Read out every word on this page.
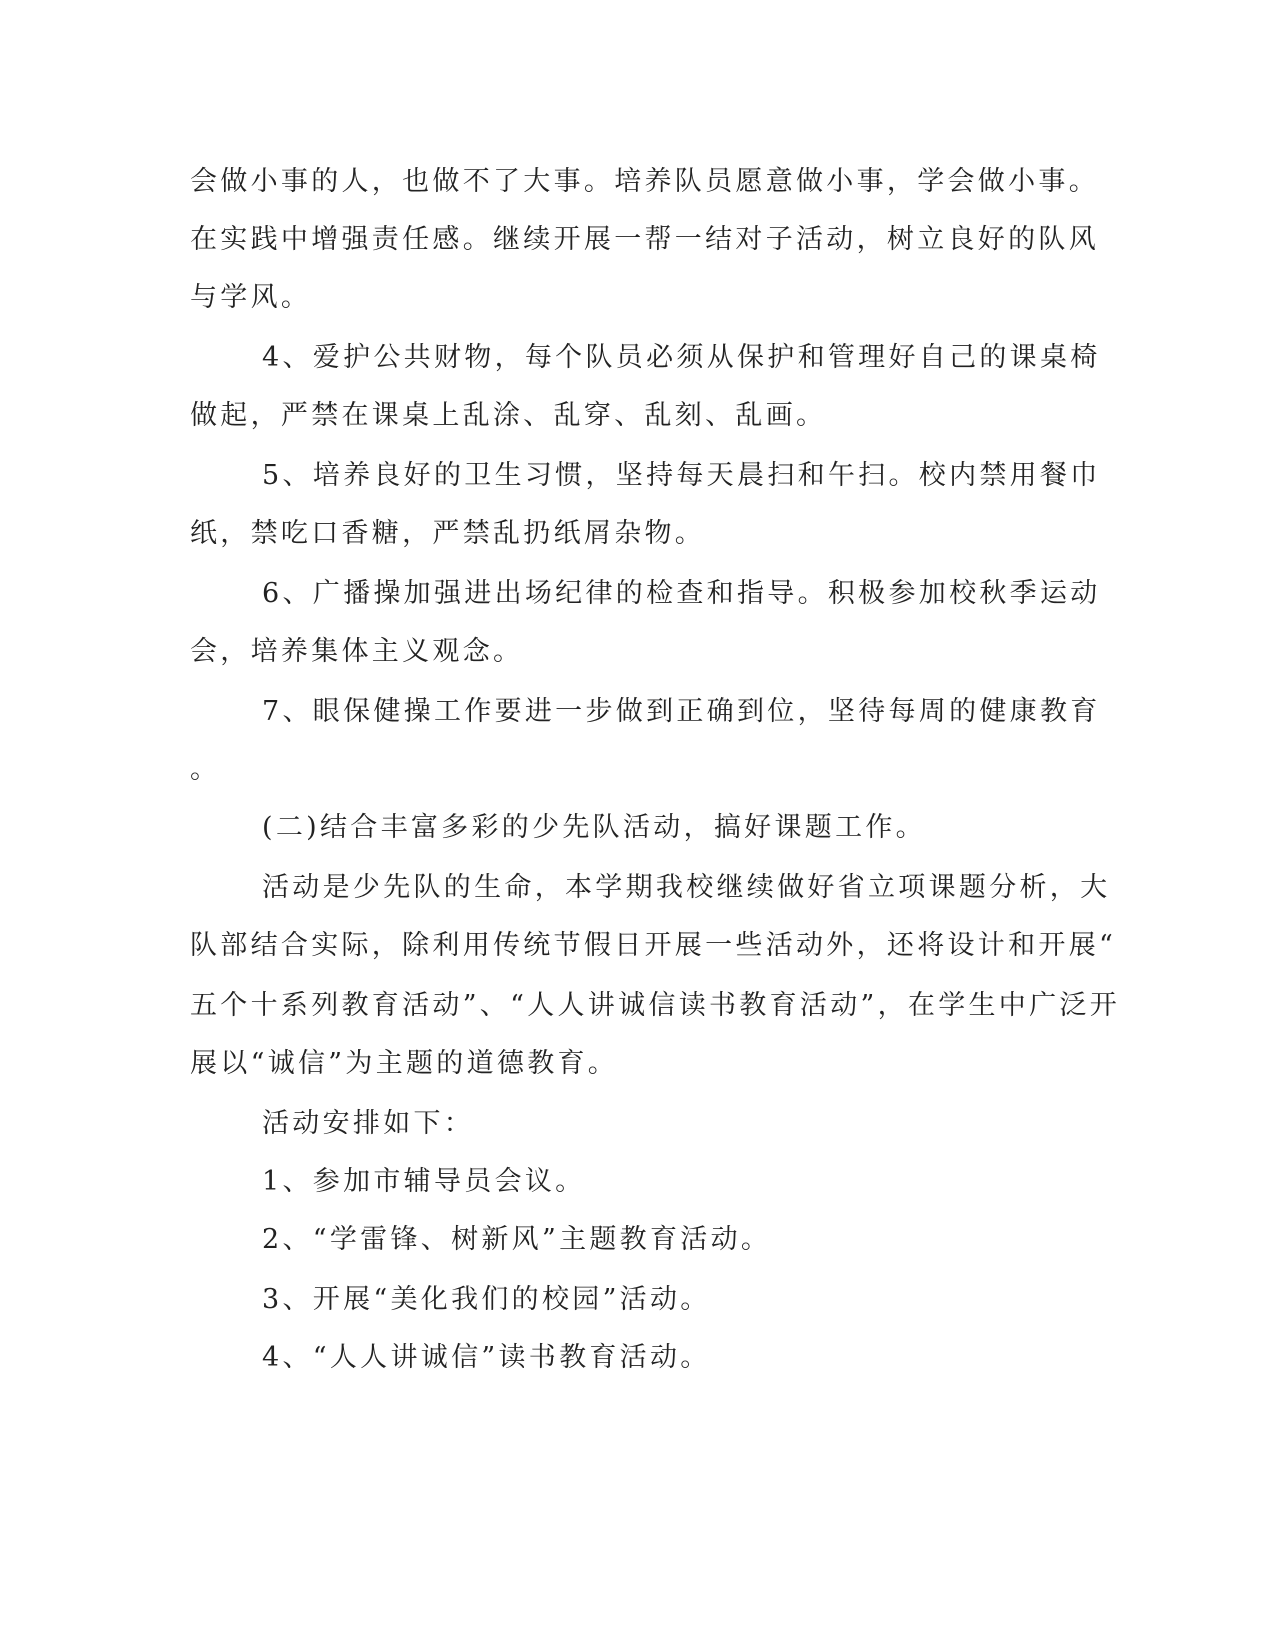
会做小事的人，也做不了大事。培养队员愿意做小事，学会做小事。
在实践中增强责任感。继续开展一帮一结对子活动，树立良好的队风
与学风。
4、爱护公共财物，每个队员必须从保护和管理好自己的课桌椅
做起，严禁在课桌上乱涂、乱穿、乱刻、乱画。
5、培养良好的卫生习惯，坚持每天晨扫和午扫。校内禁用餐巾
纸，禁吃口香糖，严禁乱扔纸屑杂物。
6、广播操加强进出场纪律的检查和指导。积极参加校秋季运动
会，培养集体主义观念。
7、眼保健操工作要进一步做到正确到位，坚待每周的健康教育
。
(二)结合丰富多彩的少先队活动，搞好课题工作。
活动是少先队的生命，本学期我校继续做好省立项课题分析，大
队部结合实际，除利用传统节假日开展一些活动外，还将设计和开展“
五个十系列教育活动”、“人人讲诚信读书教育活动”，在学生中广泛开
展以“诚信”为主题的道德教育。
活动安排如下：
1、参加市辅导员会议。
2、“学雷锋、树新风”主题教育活动。
3、开展“美化我们的校园”活动。
4、“人人讲诚信”读书教育活动。
